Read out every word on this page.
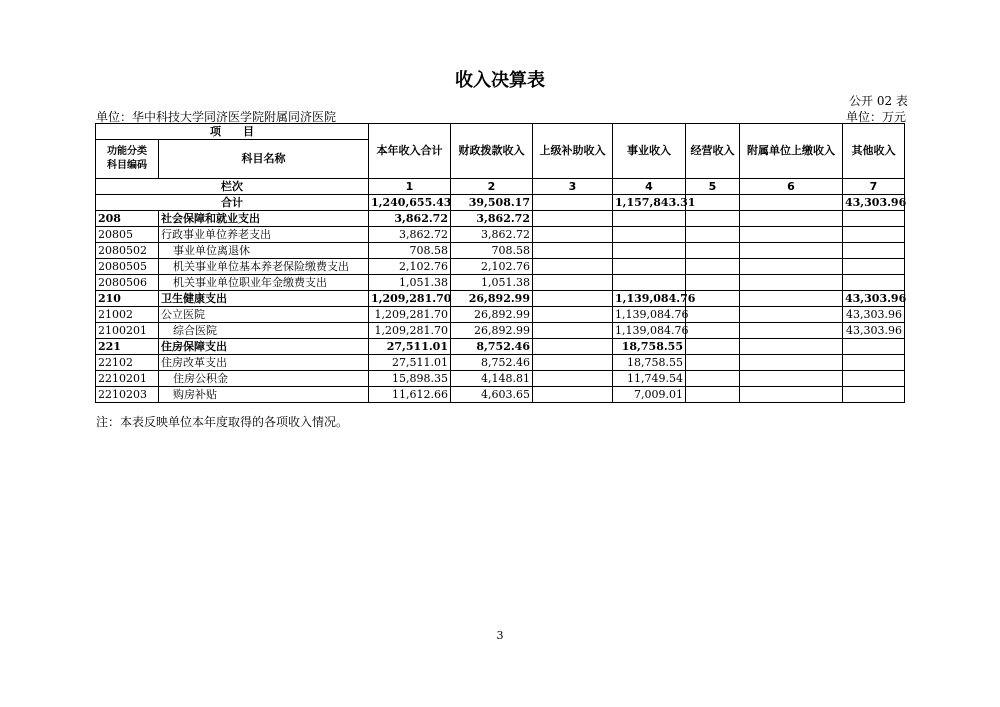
收入决算表
公开 02 表
单位：华中科技大学同济医学院附属同济医院	单位：万元
项　　目		本年收入合计	财政拨款收入	上级补助收入	事业收入	经营收入	附属单位上缴收入	其他收入
功能分类
科目编码	科目名称							
栏次		1	2	3	4	5	6	7
合计		1,240,655.43	39,508.17		1,157,843.31			43,303.96
208	社会保障和就业支出	3,862.72	3,862.72					
20805	行政事业单位养老支出	3,862.72	3,862.72					
2080502	事业单位离退休	708.58	708.58					
2080505	机关事业单位基本养老保险缴费支出	2,102.76	2,102.76					
2080506	机关事业单位职业年金缴费支出	1,051.38	1,051.38					
210	卫生健康支出	1,209,281.70	26,892.99		1,139,084.76			43,303.96
21002	公立医院	1,209,281.70	26,892.99		1,139,084.76			43,303.96
2100201	综合医院	1,209,281.70	26,892.99		1,139,084.76			43,303.96
221	住房保障支出	27,511.01	8,752.46		18,758.55			
22102	住房改革支出	27,511.01	8,752.46		18,758.55			
2210201	住房公积金	15,898.35	4,148.81		11,749.54			
2210203	购房补贴	11,612.66	4,603.65		7,009.01			
注：本表反映单位本年度取得的各项收入情况。
3
